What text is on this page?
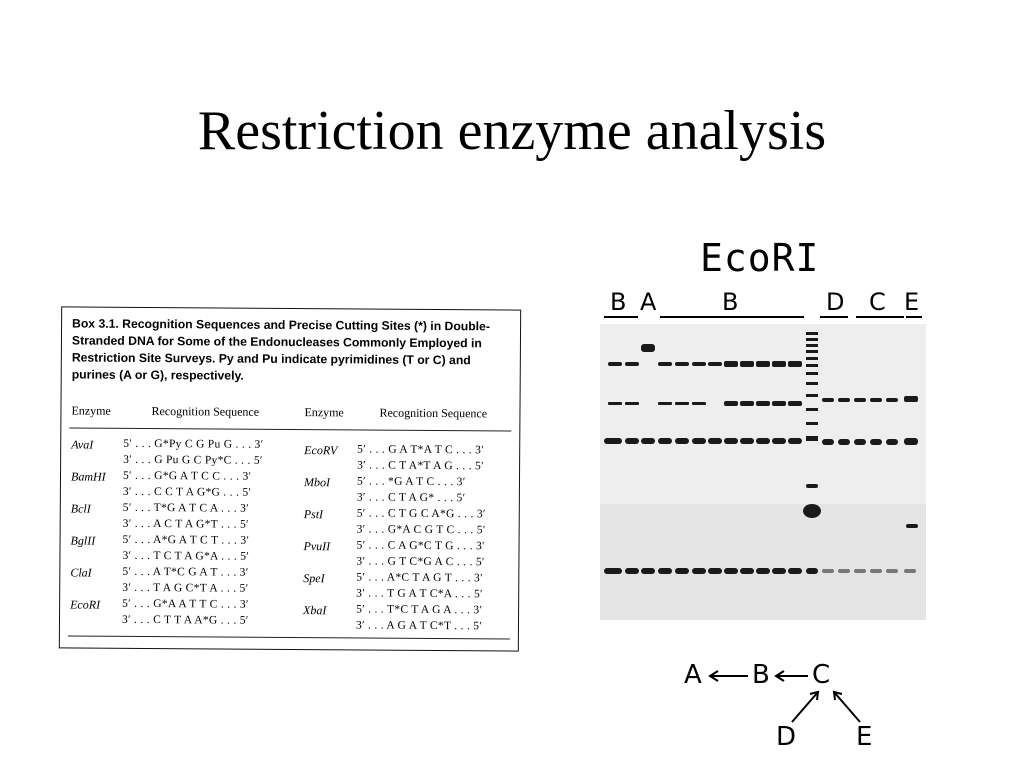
Restriction enzyme analysis
Box 3.1. Recognition Sequences and Precise Cutting Sites (*) in Double-Stranded DNA for Some of the Endonucleases Commonly Employed in Restriction Site Surveys. Py and Pu indicate pyrimidines (T or C) and purines (A or G), respectively.
Enzyme	Recognition Sequence	Enzyme	Recognition Sequence
AvaI	5′ . . . G*Py C G Pu G . . . 3′
3′ . . . G Pu G C Py*C . . . 5′
BamHI 5′ . . . G*G A T C C . . . 3′
3′ . . . C C T A G*G . . . 5′
BclI	5′ . . . T*G A T C A . . . 3′
3′ . . . A C T A G*T . . . 5′
BglII 5′ . . . A*G A T C T . . . 3′
3′ . . . T C T A G*A . . . 5′
ClaI	5′ . . . A T*C G A T . . . 3′
3′ . . . T A G C*T A . . . 5′
EcoRI 5′ . . . G*A A T T C . . . 3′
3′ . . . C T T A A*G . . . 5′
EcoRV 5′ . . . G A T*A T C . . . 3′
3′ . . . C T A*T A G . . . 5′
MboI 5′ . . . *G A T C . . . 3′
3′ . . . C T A G* . . . 5′
PstI	5′ . . . C T G C A*G . . . 3′
3′ . . . G*A C G T C . . . 5′
PvuII 5′ . . . C A G*C T G . . . 3′
3′ . . . G T C*G A C . . . 5′
SpeI	5′ . . . A*C T A G T . . . 3′
3′ . . . T G A T C*A . . . 5′
XbaI	5′ . . . T*C T A G A . . . 3′
3′ . . . A G A T C*T . . . 5′
EcoRI
B A	B	D C E
A B C
D E
